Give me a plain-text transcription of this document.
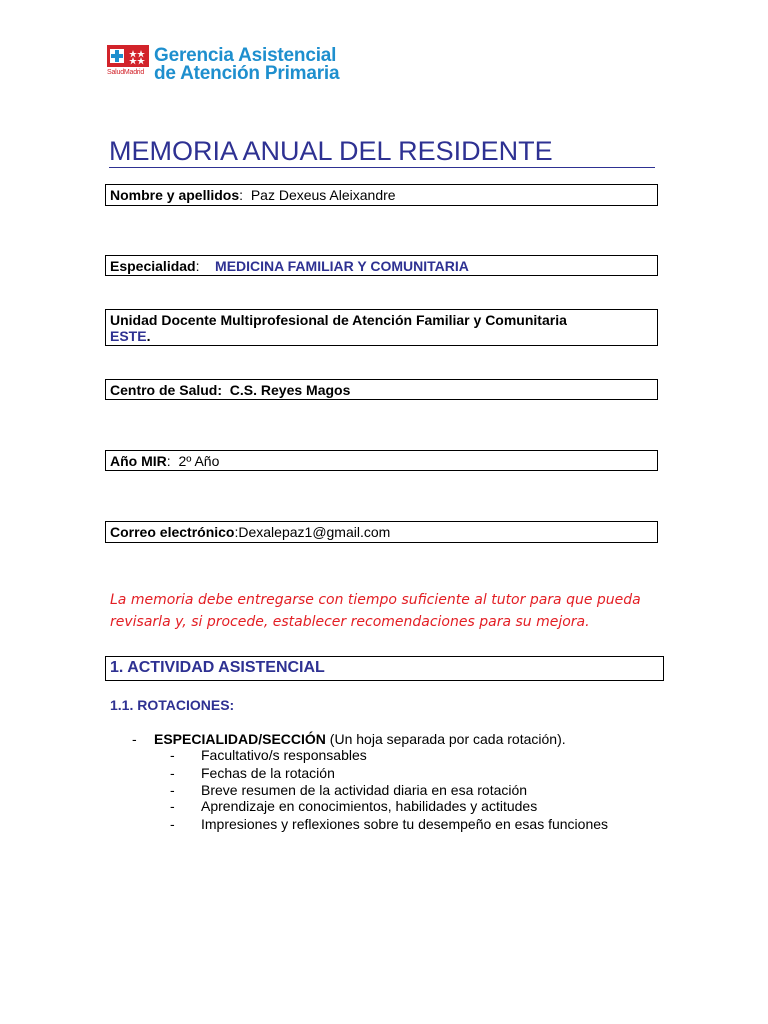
SaludMadrid
Gerencia Asistencial
de Atención Primaria
MEMORIA ANUAL DEL RESIDENTE
Nombre y apellidos:  Paz Dexeus Aleixandre
Especialidad:    MEDICINA FAMILIAR Y COMUNITARIA
Unidad Docente Multiprofesional de Atención Familiar y Comunitaria
ESTE.
Centro de Salud: C.S. Reyes Magos
Año MIR:  2º Año
Correo electrónico:Dexalepaz1@gmail.com
La memoria debe entregarse con tiempo suficiente al tutor para que pueda revisarla y, si procede, establecer recomendaciones para su mejora.
1. ACTIVIDAD ASISTENCIAL
1.1. ROTACIONES:
- ESPECIALIDAD/SECCIÓN (Un hoja separada por cada rotación).
- Facultativo/s responsables
- Fechas de la rotación
- Breve resumen de la actividad diaria en esa rotación
- Aprendizaje en conocimientos, habilidades y actitudes
- Impresiones y reflexiones sobre tu desempeño en esas funciones
